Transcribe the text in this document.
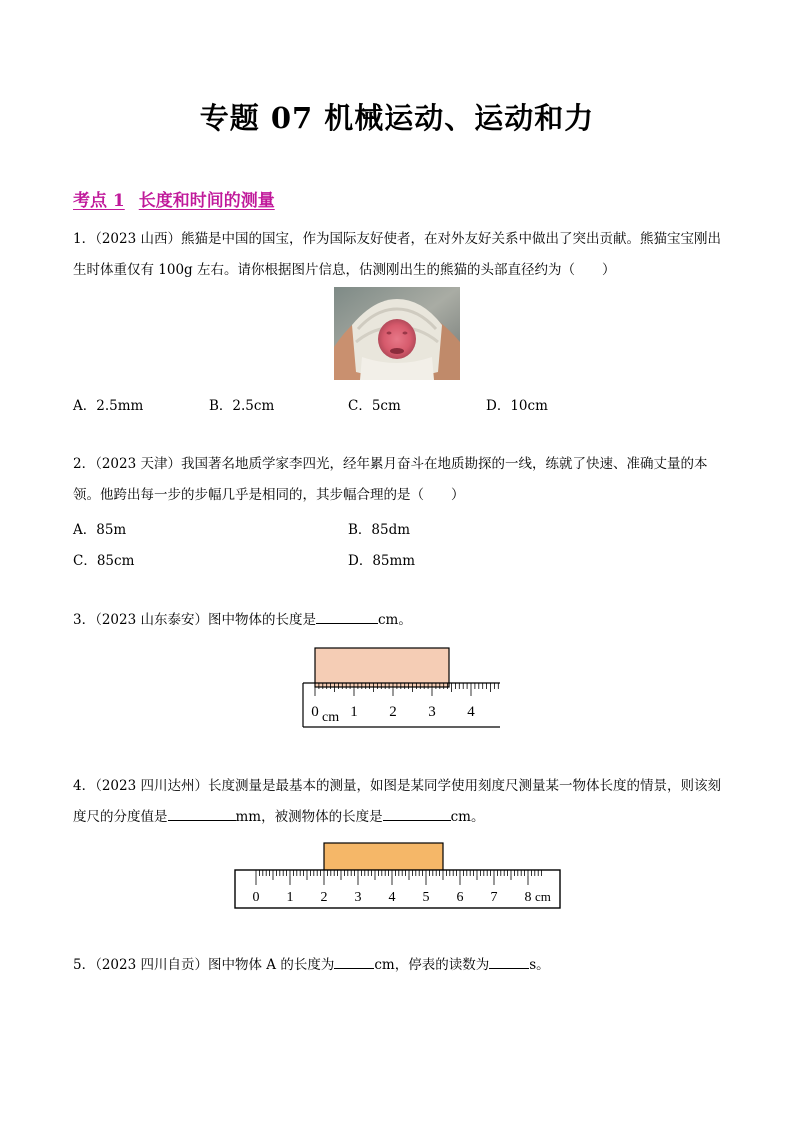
专题 07 机械运动、运动和力
考点 1 长度和时间的测量
1．（2023 山西）熊猫是中国的国宝，作为国际友好使者，在对外友好关系中做出了突出贡献。熊猫宝宝刚出生时体重仅有 100g 左右。请你根据图片信息，估测刚出生的熊猫的头部直径约为（　　）
A．2.5mm	B．2.5cm	C．5cm	D．10cm
2．（2023 天津）我国著名地质学家李四光，经年累月奋斗在地质勘探的一线，练就了快速、准确丈量的本领。他跨出每一步的步幅几乎是相同的，其步幅合理的是（　　）
A．85m	B．85dm
C．85cm	D．85mm
3．（2023 山东泰安）图中物体的长度是	cm。
0 1 2 3 4
cm
4．（2023 四川达州）长度测量是最基本的测量，如图是某同学使用刻度尺测量某一物体长度的情景，则该刻度尺的分度值是	mm，被测物体的长度是	cm。
0 1 2 3 4 5 6 7 8 cm
5．（2023 四川自贡）图中物体 A 的长度为	cm，停表的读数为	s。
